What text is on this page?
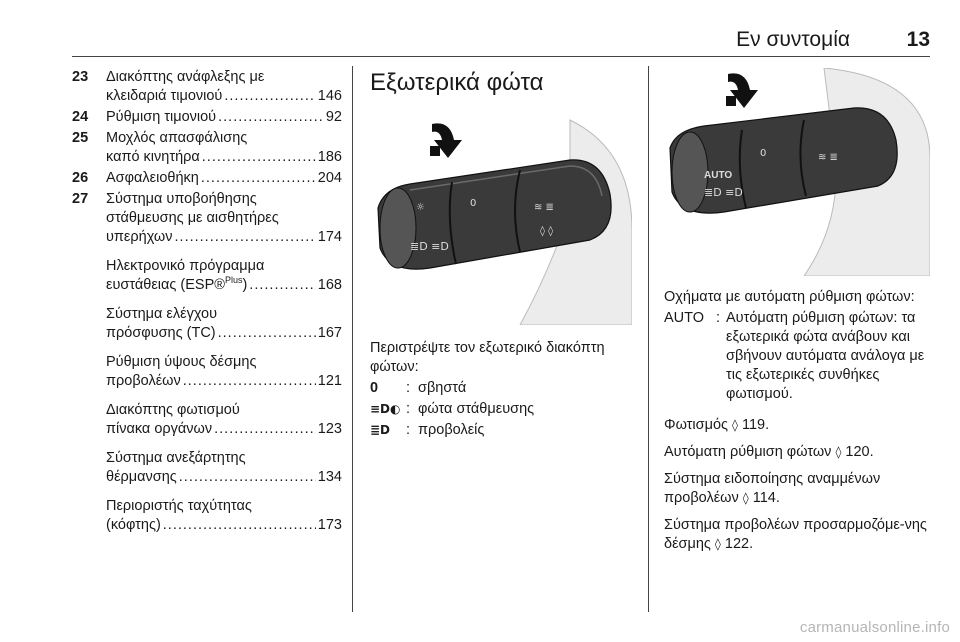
Εν συντομία	13
23 Διακόπτης ανάφλεξης με
κλειδαριά τιμονιού .....	146
24 Ρύθμιση τιμονιού .....	92
25 Μοχλός απασφάλισης
καπό κινητήρα .....	186
26 Ασφαλειοθήκη .....	204
27 Σύστημα υποβοήθησης
στάθμευσης με αισθητήρες
υπερήχων .....	174
Ηλεκτρονικό πρόγραμμα
ευστάθειας (ESP®$^{Plus}$) .....	168
Σύστημα ελέγχου
πρόσφυσης (TC) .....	167
Ρύθμιση ύψους δέσμης
προβολέων .....	121
Διακόπτης φωτισμού
πίνακα οργάνων .....	123
Σύστημα ανεξάρτητης
θέρμανσης .....	134
Περιοριστής ταχύτητας
(κόφτης) .....	173
Εξωτερικά φώτα
☼
≣D ≡D
0	≋ ≣
◊ ◊
Περιστρέψτε τον εξωτερικό διακόπτη φώτων:
0	: σβηστά
≡D◐ : φώτα στάθμευσης
≣D	: προβολείς
AUTO
≣D ≡D
0	≋ ≣

Οχήματα με αυτόματη ρύθμιση φώτων:

AUTO : Αυτόματη ρύθμιση φώτων: τα εξωτερικά φώτα ανάβουν και σβήνουν αυτόματα ανάλογα με τις εξωτερικές συνθήκες φωτισμού.

Φωτισμός ◊ 119.

Αυτόματη ρύθμιση φώτων ◊ 120.

Σύστημα ειδοποίησης αναμμένων προβολέων ◊ 114.

Σύστημα προβολέων προσαρμοζόμε-νης δέσμης ◊ 122.

carmanualsonline.info
